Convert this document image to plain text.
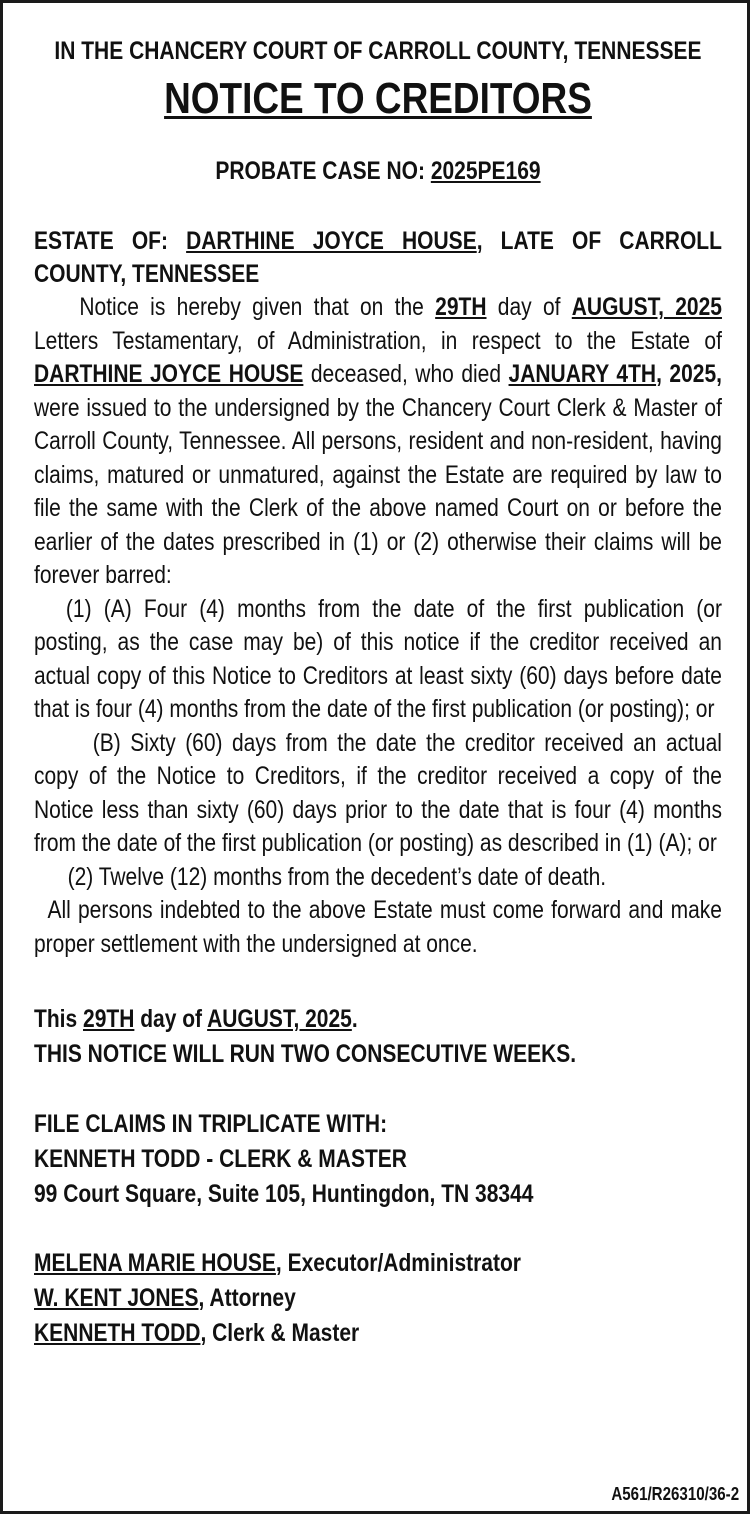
IN THE CHANCERY COURT OF CARROLL COUNTY, TENNESSEE
NOTICE TO CREDITORS
PROBATE CASE NO: 2025PE169
ESTATE OF: DARTHINE JOYCE HOUSE, LATE OF CARROLL COUNTY, TENNESSEE

Notice is hereby given that on the 29TH day of AUGUST, 2025 Letters Testamentary, of Administration, in respect to the Estate of DARTHINE JOYCE HOUSE deceased, who died JANUARY 4TH, 2025, were issued to the undersigned by the Chancery Court Clerk & Master of Carroll County, Tennessee. All persons, resident and non-resident, having claims, matured or unmatured, against the Estate are required by law to file the same with the Clerk of the above named Court on or before the earlier of the dates prescribed in (1) or (2) otherwise their claims will be forever barred:

(1) (A) Four (4) months from the date of the first publication (or posting, as the case may be) of this notice if the creditor received an actual copy of this Notice to Creditors at least sixty (60) days before date that is four (4) months from the date of the first publication (or posting); or

(B) Sixty (60) days from the date the creditor received an actual copy of the Notice to Creditors, if the creditor received a copy of the Notice less than sixty (60) days prior to the date that is four (4) months from the date of the first publication (or posting) as described in (1) (A); or

(2) Twelve (12) months from the decedent’s date of death.

All persons indebted to the above Estate must come forward and make proper settlement with the undersigned at once.

This 29TH day of AUGUST, 2025.
THIS NOTICE WILL RUN TWO CONSECUTIVE WEEKS.
FILE CLAIMS IN TRIPLICATE WITH:
KENNETH TODD - CLERK & MASTER
99 Court Square, Suite 105, Huntingdon, TN 38344
MELENA MARIE HOUSE, Executor/Administrator
W. KENT JONES, Attorney
KENNETH TODD, Clerk & Master
A561/R26310/36-2
